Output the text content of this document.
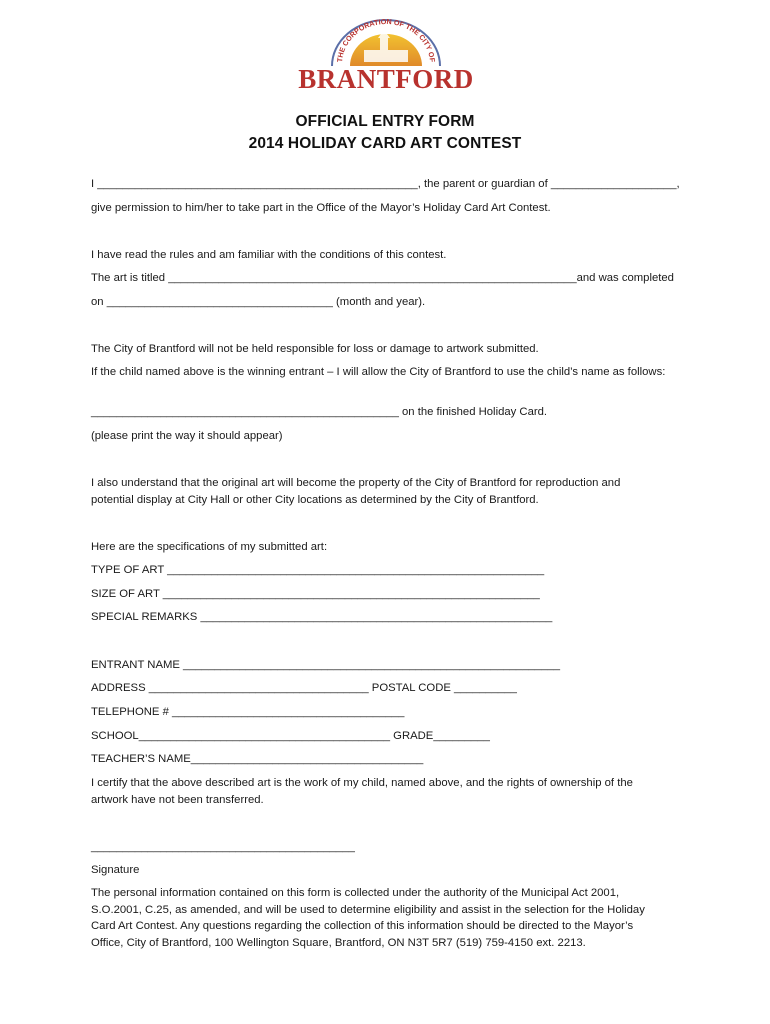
THE CORPORATION OF THE CITY OF
BRANTFORD
OFFICIAL ENTRY FORM
2014 HOLIDAY CARD ART CONTEST
I ___________________________________________________, the parent or guardian of ____________________,
give permission to him/her to take part in the Office of the Mayor’s Holiday Card Art Contest.
I have read the rules and am familiar with the conditions of this contest.
The art is titled _________________________________________________________________and was completed
on ____________________________________ (month and year).
The City of Brantford will not be held responsible for loss or damage to artwork submitted.
If the child named above is the winning entrant – I will allow the City of Brantford to use the child’s name as follows:
_________________________________________________ on the finished Holiday Card.
(please print the way it should appear)
I also understand that the original art will become the property of the City of Brantford for reproduction and potential display at City Hall or other City locations as determined by the City of Brantford.
Here are the specifications of my submitted art:
TYPE OF ART ____________________________________________________________
SIZE OF ART ____________________________________________________________
SPECIAL REMARKS ________________________________________________________
ENTRANT NAME ____________________________________________________________
ADDRESS ___________________________________ POSTAL CODE __________
TELEPHONE # _____________________________________
SCHOOL________________________________________ GRADE_________
TEACHER’S NAME_____________________________________
I certify that the above described art is the work of my child, named above, and the rights of ownership of the artwork have not been transferred.
__________________________________________
Signature
The personal information contained on this form is collected under the authority of the Municipal Act 2001, S.O.2001, C.25, as amended, and will be used to determine eligibility and assist in the selection for the Holiday Card Art Contest. Any questions regarding the collection of this information should be directed to the Mayor’s Office, City of Brantford, 100 Wellington Square, Brantford, ON N3T 5R7 (519) 759-4150 ext. 2213.
